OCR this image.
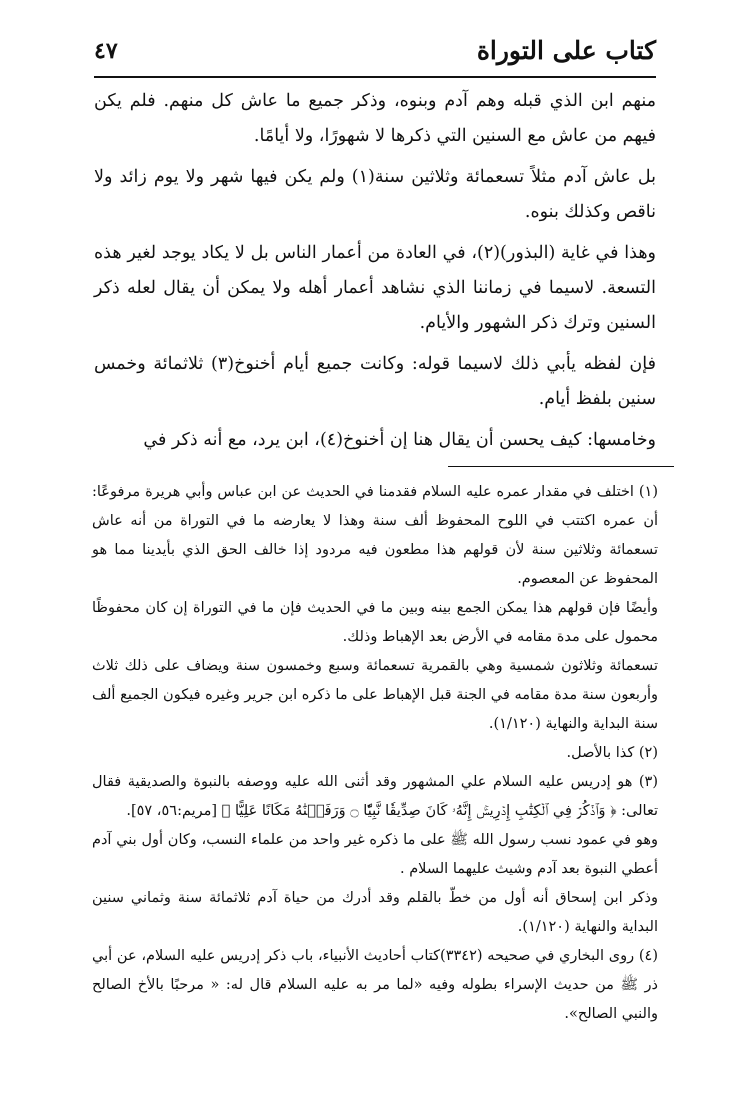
كتاب على التوراة
٤٧

منهم ابن الذي قبله وهم آدم وبنوه، وذكر جميع ما عاش كل منهم. فلم يكن فيهم من عاش مع السنين التي ذكرها لا شهورًا، ولا أيامًا.

بل عاش آدم مثلاً تسعمائة وثلاثين سنة(١) ولم يكن فيها شهر ولا يوم زائد ولا ناقص وكذلك بنوه.

وهذا في غاية (البذور)(٢)، في العادة من أعمار الناس بل لا يكاد يوجد لغير هذه التسعة. لاسيما في زماننا الذي نشاهد أعمار أهله ولا يمكن أن يقال لعله ذكر السنين وترك ذكر الشهور والأيام.

فإن لفظه يأبي ذلك لاسيما قوله: وكانت جميع أيام أخنوخ(٣) ثلاثمائة وخمس سنين بلفظ أيام.

وخامسها: كيف يحسن أن يقال هنا إن أخنوخ(٤)، ابن يرد، مع أنه ذكر في

(١) اختلف في مقدار عمره عليه السلام فقدمنا في الحديث عن ابن عباس وأبي هريرة مرفوعًا: أن عمره اكتتب في اللوح المحفوظ ألف سنة وهذا لا يعارضه ما في التوراة من أنه عاش تسعمائة وثلاثين سنة لأن قولهم هذا مطعون فيه مردود إذا خالف الحق الذي بأيدينا مما هو المحفوظ عن المعصوم.

وأيضًا فإن قولهم هذا يمكن الجمع بينه وبين ما في الحديث فإن ما في التوراة إن كان محفوظًا محمول على مدة مقامه في الأرض بعد الإهباط وذلك.

تسعمائة وثلاثون شمسية وهي بالقمرية تسعمائة وسبع وخمسون سنة ويضاف على ذلك ثلاث وأربعون سنة مدة مقامه في الجنة قبل الإهباط على ما ذكره ابن جرير وغيره فيكون الجميع ألف سنة البداية والنهاية (١/١٢٠).

(٢) كذا بالأصل.

(٣) هو إدريس عليه السلام علي المشهور وقد أثنى الله عليه ووصفه بالنبوة والصديقية فقال تعالى: ﴿ وَٱذۡكُرۡ فِي ٱلۡكِتَٰبِ إِدۡرِيسَۚ إِنَّهُۥ كَانَ صِدِّيقٗا نَّبِيّٗا ۝ وَرَفَعۡنَٰهُ مَكَانًا عَلِيًّا ﴾ [مريم:٥٦، ٥٧].

وهو في عمود نسب رسول الله ﷺ على ما ذكره غير واحد من علماء النسب، وكان أول بني آدم أعطي النبوة بعد آدم وشيث عليهما السلام .

وذكر ابن إسحاق أنه أول من خطّ بالقلم وقد أدرك من حياة آدم ثلاثمائة سنة وثماني سنين البداية والنهاية (١/١٢٠).

(٤) روى البخاري في صحيحه (٣٣٤٢)كتاب أحاديث الأنبياء، باب ذكر إدريس عليه السلام، عن أبي ذر ﷺ من حديث الإسراء بطوله وفيه «لما مر به عليه السلام قال له: « مرحبًا بالأخ الصالح والنبي الصالح».
